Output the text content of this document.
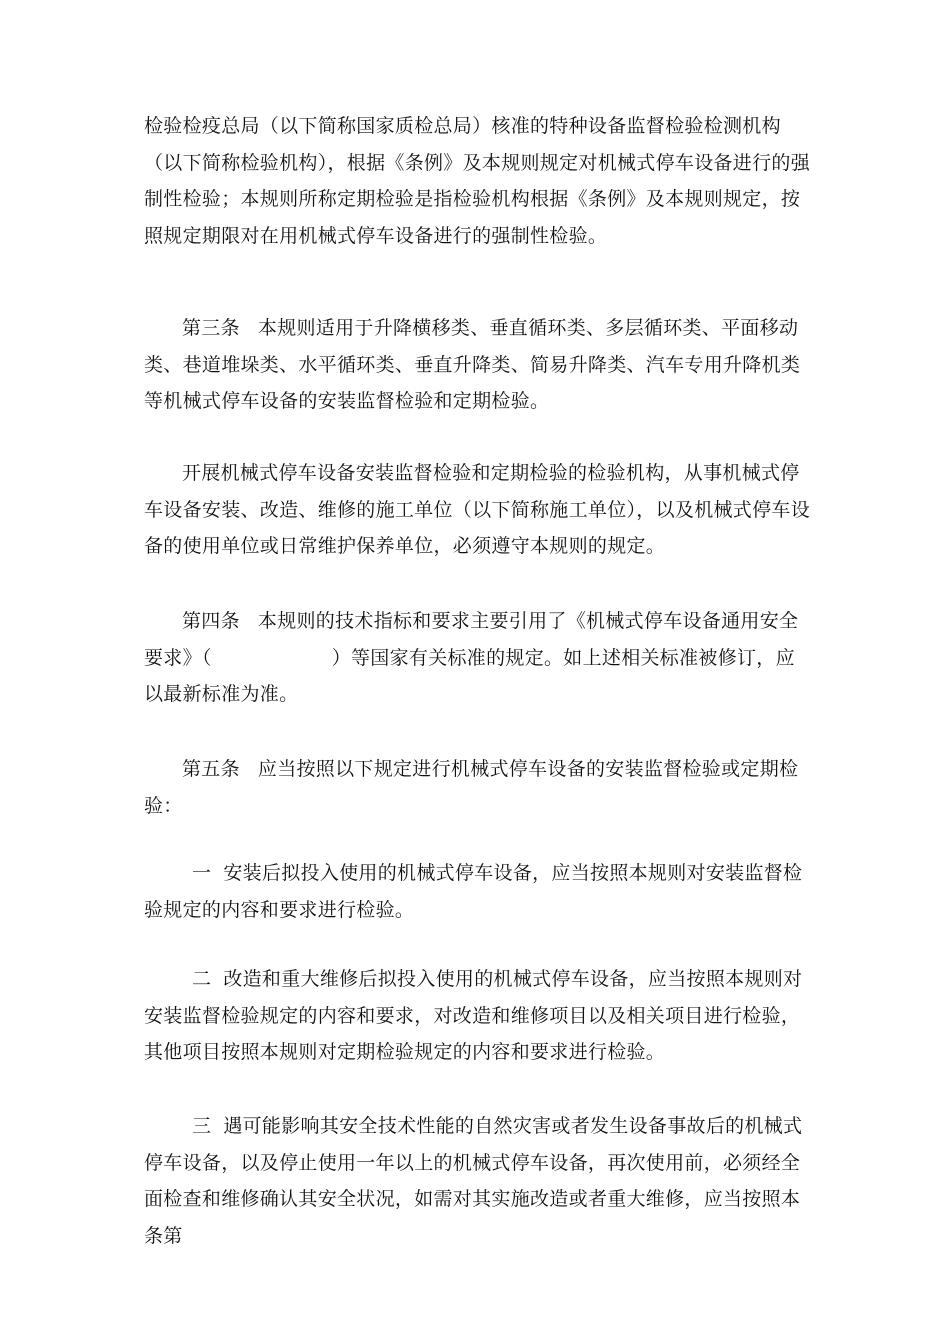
检验检疫总局（以下简称国家质检总局）核准的特种设备监督检验检测机构（以下简称检验机构），根据《条例》及本规则规定对机械式停车设备进行的强制性检验；本规则所称定期检验是指检验机构根据《条例》及本规则规定，按照规定期限对在用机械式停车设备进行的强制性检验。

第三条 本规则适用于升降横移类、垂直循环类、多层循环类、平面移动类、巷道堆垛类、水平循环类、垂直升降类、简易升降类、汽车专用升降机类等机械式停车设备的安装监督检验和定期检验。

开展机械式停车设备安装监督检验和定期检验的检验机构，从事机械式停车设备安装、改造、维修的施工单位（以下简称施工单位），以及机械式停车设备的使用单位或日常维护保养单位，必须遵守本规则的规定。

第四条 本规则的技术指标和要求主要引用了《机械式停车设备通用安全要求》（	）等国家有关标准的规定。如上述相关标准被修订，应以最新标准为准。

第五条 应当按照以下规定进行机械式停车设备的安装监督检验或定期检验：

一 安装后拟投入使用的机械式停车设备，应当按照本规则对安装监督检验规定的内容和要求进行检验。

二 改造和重大维修后拟投入使用的机械式停车设备，应当按照本规则对安装监督检验规定的内容和要求，对改造和维修项目以及相关项目进行检验，其他项目按照本规则对定期检验规定的内容和要求进行检验。

三 遇可能影响其安全技术性能的自然灾害或者发生设备事故后的机械式停车设备，以及停止使用一年以上的机械式停车设备，再次使用前，必须经全面检查和维修确认其安全状况，如需对其实施改造或者重大维修，应当按照本条第
